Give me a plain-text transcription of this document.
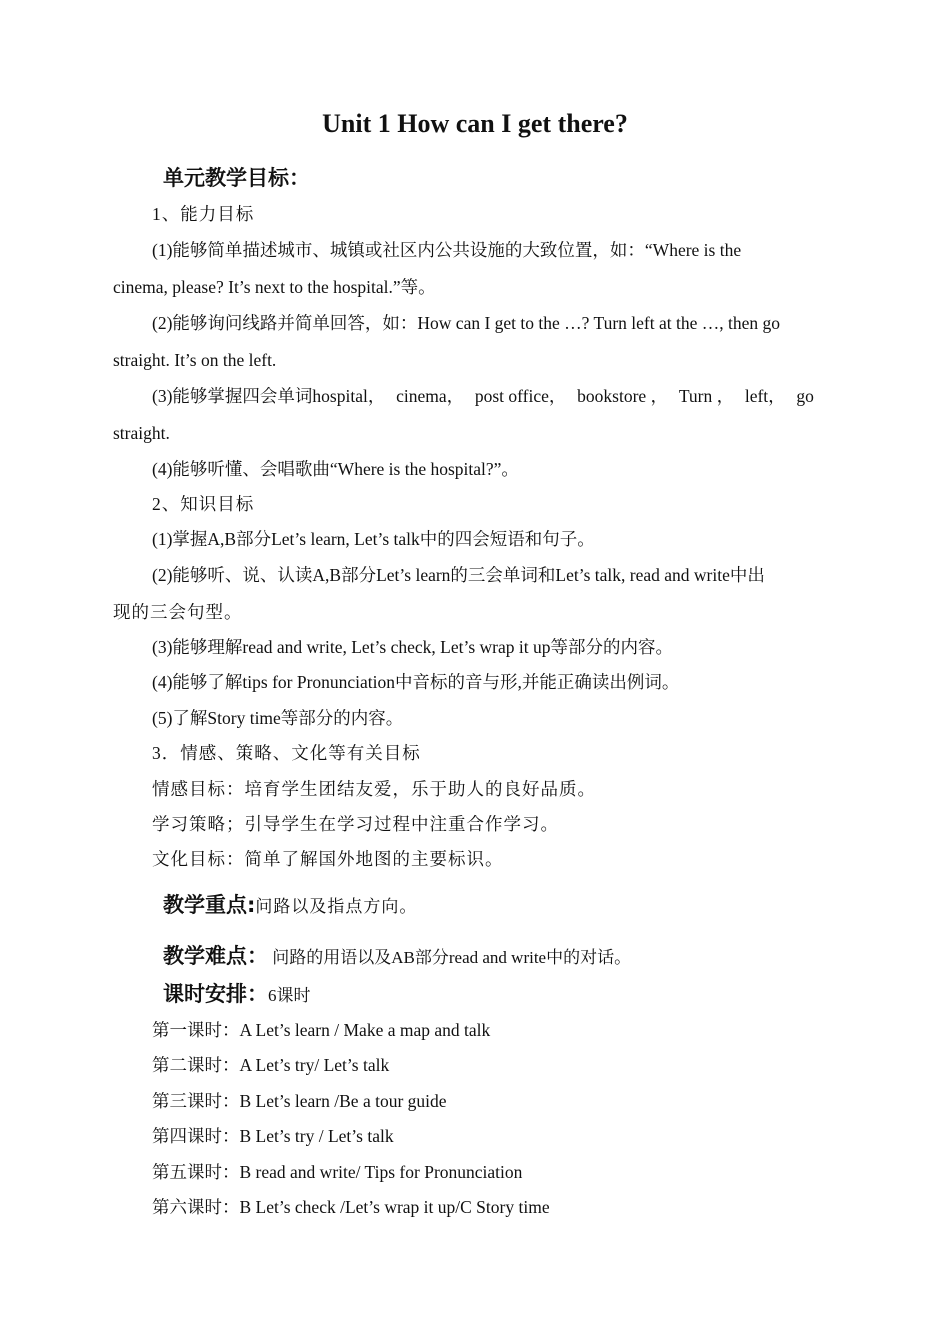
Unit 1 How can I get there?
单元教学目标：
1、能力目标
(1)能够简单描述城市、城镇或社区内公共设施的大致位置，如：“Where is the
cinema, please? It’s next to the hospital.”等。
(2)能够询问线路并简单回答，如：How can I get to the …? Turn left at the …, then go
straight. It’s on the left.
(3)能够掌握四会单词hospital， cinema， post office， bookstore ， Turn ， left， go
straight.
(4)能够听懂、会唱歌曲“Where is the hospital?”。
2、知识目标
(1)掌握A,B部分Let’s learn, Let’s talk中的四会短语和句子。
(2)能够听、说、认读A,B部分Let’s learn的三会单词和Let’s talk, read and write中出
现的三会句型。
(3)能够理解read and write, Let’s check, Let’s wrap it up等部分的内容。
(4)能够了解tips for Pronunciation中音标的音与形,并能正确读出例词。
(5)了解Story time等部分的内容。
3．情感、策略、文化等有关目标
情感目标：培育学生团结友爱，乐于助人的良好品质。
学习策略；引导学生在学习过程中注重合作学习。
文化目标：简单了解国外地图的主要标识。
教学重点:问路以及指点方向。
教学难点： 问路的用语以及AB部分read and write中的对话。
课时安排：6课时
第一课时：A Let’s learn / Make a map and talk
第二课时：A Let’s try/ Let’s talk
第三课时：B Let’s learn /Be a tour guide
第四课时：B Let’s try / Let’s talk
第五课时：B read and write/ Tips for Pronunciation
第六课时：B Let’s check /Let’s wrap it up/C Story time
